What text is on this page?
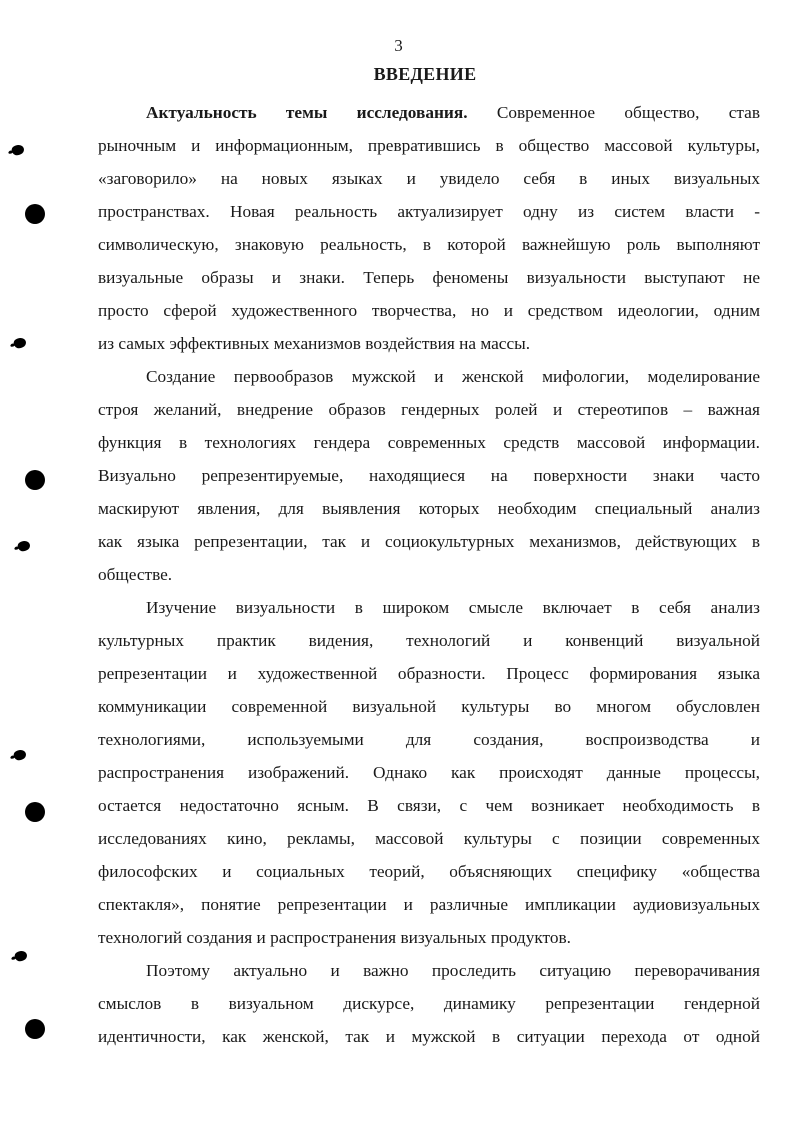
3
ВВЕДЕНИЕ
Актуальность темы исследования. Современное общество, став
рыночным и информационным, превратившись в общество массовой культуры,
«заговорило» на новых языках и увидело себя в иных визуальных
пространствах. Новая реальность актуализирует одну из систем власти -
символическую, знаковую реальность, в которой важнейшую роль выполняют
визуальные образы и знаки. Теперь феномены визуальности выступают не
просто сферой художественного творчества, но и средством идеологии, одним
из самых эффективных механизмов воздействия на массы.
Создание первообразов мужской и женской мифологии, моделирование
строя желаний, внедрение образов гендерных ролей и стереотипов – важная
функция в технологиях гендера современных средств массовой информации.
Визуально репрезентируемые, находящиеся на поверхности знаки часто
маскируют явления, для выявления которых необходим специальный анализ
как языка репрезентации, так и социокультурных механизмов, действующих в
обществе.
Изучение визуальности в широком смысле включает в себя анализ
культурных практик видения, технологий и конвенций визуальной
репрезентации и художественной образности. Процесс формирования языка
коммуникации современной визуальной культуры во многом обусловлен
технологиями, используемыми для создания, воспроизводства и
распространения изображений. Однако как происходят данные процессы,
остается недостаточно ясным. В связи, с чем возникает необходимость в
исследованиях кино, рекламы, массовой культуры с позиции современных
философских и социальных теорий, объясняющих специфику «общества
спектакля», понятие репрезентации и различные импликации аудиовизуальных
технологий создания и распространения визуальных продуктов.
Поэтому актуально и важно проследить ситуацию переворачивания
смыслов в визуальном дискурсе, динамику репрезентации гендерной
идентичности, как женской, так и мужской в ситуации перехода от одной
